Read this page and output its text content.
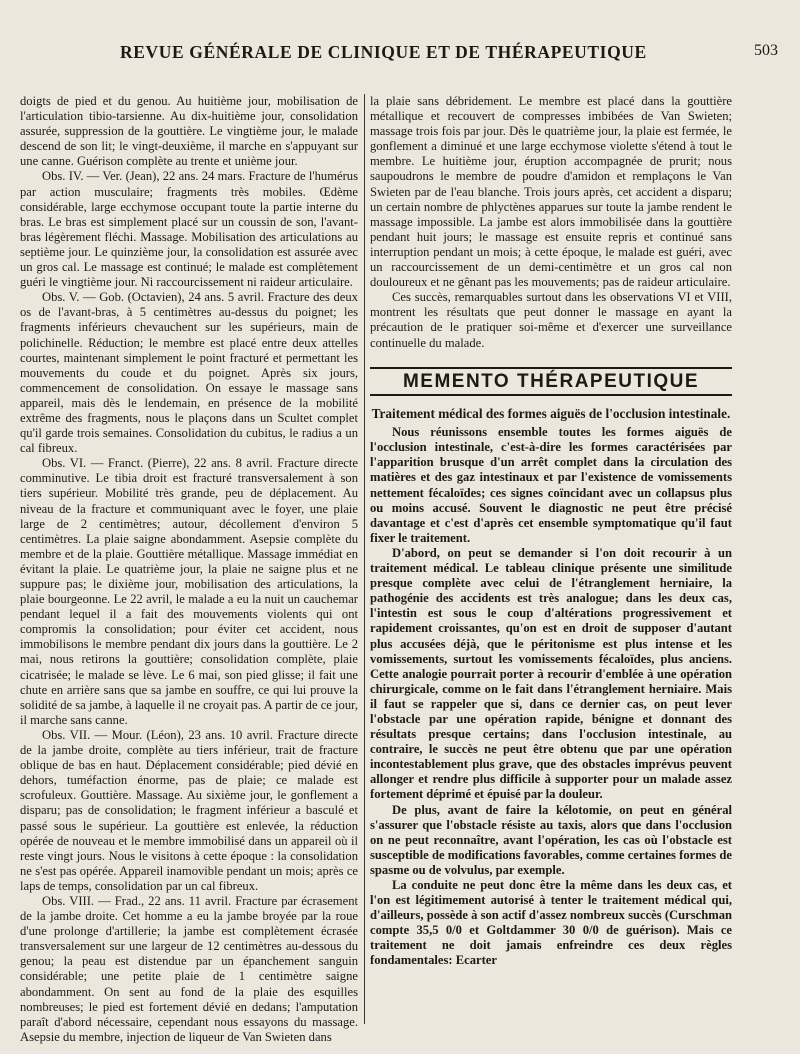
REVUE GÉNÉRALE DE CLINIQUE ET DE THÉRAPEUTIQUE	503

doigts de pied et du genou. Au huitième jour, mobilisation de l'articulation tibio-tarsienne. Au dix-huitième jour, consolidation assurée, suppression de la gouttière. Le vingtième jour, le malade descend de son lit; le vingt-deuxième, il marche en s'appuyant sur une canne. Guérison complète au trente et unième jour.

Obs. IV. — Ver. (Jean), 22 ans. 24 mars. Fracture de l'humérus par action musculaire; fragments très mobiles. Œdème considérable, large ecchymose occupant toute la partie interne du bras. Le bras est simplement placé sur un coussin de son, l'avant-bras légèrement fléchi. Massage. Mobilisation des articulations au septième jour. Le quinzième jour, la consolidation est assurée avec un gros cal. Le massage est continué; le malade est complètement guéri le vingtième jour. Ni raccourcissement ni raideur articulaire.

Obs. V. — Gob. (Octavien), 24 ans. 5 avril. Fracture des deux os de l'avant-bras, à 5 centimètres au-dessus du poignet; les fragments inférieurs chevauchent sur les supérieurs, main de polichinelle. Réduction; le membre est placé entre deux attelles courtes, maintenant simplement le point fracturé et permettant les mouvements du coude et du poignet. Après six jours, commencement de consolidation. On essaye le massage sans appareil, mais dès le lendemain, en présence de la mobilité extrême des fragments, nous le plaçons dans un Scultet complet qu'il garde trois semaines. Consolidation du cubitus, le radius a un cal fibreux.

Obs. VI. — Franct. (Pierre), 22 ans. 8 avril. Fracture directe comminutive. Le tibia droit est fracturé transversalement à son tiers supérieur. Mobilité très grande, peu de déplacement. Au niveau de la fracture et communiquant avec le foyer, une plaie large de 2 centimètres; autour, décollement d'environ 5 centimètres. La plaie saigne abondamment. Asepsie complète du membre et de la plaie. Gouttière métallique. Massage immédiat en évitant la plaie. Le quatrième jour, la plaie ne saigne plus et ne suppure pas; le dixième jour, mobilisation des articulations, la plaie bourgeonne. Le 22 avril, le malade a eu la nuit un cauchemar pendant lequel il a fait des mouvements violents qui ont compromis la consolidation; pour éviter cet accident, nous immobilisons le membre pendant dix jours dans la gouttière. Le 2 mai, nous retirons la gouttière; consolidation complète, plaie cicatrisée; le malade se lève. Le 6 mai, son pied glisse; il fait une chute en arrière sans que sa jambe en souffre, ce qui lui prouve la solidité de sa jambe, à laquelle il ne croyait pas. A partir de ce jour, il marche sans canne.

Obs. VII. — Mour. (Léon), 23 ans. 10 avril. Fracture directe de la jambe droite, complète au tiers inférieur, trait de fracture oblique de bas en haut. Déplacement considérable; pied dévié en dehors, tuméfaction énorme, pas de plaie; ce malade est scrofuleux. Gouttière. Massage. Au sixième jour, le gonflement a disparu; pas de consolidation; le fragment inférieur a basculé et passé sous le supérieur. La gouttière est enlevée, la réduction opérée de nouveau et le membre immobilisé dans un appareil où il reste vingt jours. Nous le visitons à cette époque : la consolidation ne s'est pas opérée. Appareil inamovible pendant un mois; après ce laps de temps, consolidation par un cal fibreux.

Obs. VIII. — Frad., 22 ans. 11 avril. Fracture par écrasement de la jambe droite. Cet homme a eu la jambe broyée par la roue d'une prolonge d'artillerie; la jambe est complètement écrasée transversalement sur une largeur de 12 centimètres au-dessous du genou; la peau est distendue par un épanchement sanguin considérable; une petite plaie de 1 centimètre saigne abondamment. On sent au fond de la plaie des esquilles nombreuses; le pied est fortement dévié en dedans; l'amputation paraît d'abord nécessaire, cependant nous essayons du massage. Asepsie du membre, injection de liqueur de Van Swieten dans

la plaie sans débridement. Le membre est placé dans la gouttière métallique et recouvert de compresses imbibées de Van Swieten; massage trois fois par jour. Dès le quatrième jour, la plaie est fermée, le gonflement a diminué et une large ecchymose violette s'étend à tout le membre. Le huitième jour, éruption accompagnée de prurit; nous saupoudrons le membre de poudre d'amidon et remplaçons le Van Swieten par de l'eau blanche. Trois jours après, cet accident a disparu; un certain nombre de phlyctènes apparues sur toute la jambe rendent le massage impossible. La jambe est alors immobilisée dans la gouttière pendant huit jours; le massage est ensuite repris et continué sans interruption pendant un mois; à cette époque, le malade est guéri, avec un raccourcissement de un demi-centimètre et un gros cal non douloureux et ne gênant pas les mouvements; pas de raideur articulaire.

Ces succès, remarquables surtout dans les observations VI et VIII, montrent les résultats que peut donner le massage en ayant la précaution de le pratiquer soi-même et d'exercer une surveillance continuelle du malade.

MEMENTO THÉRAPEUTIQUE
Traitement médical des formes aiguës de l'occlusion intestinale.

Nous réunissons ensemble toutes les formes aiguës de l'occlusion intestinale, c'est-à-dire les formes caractérisées par l'apparition brusque d'un arrêt complet dans la circulation des matières et des gaz intestinaux et par l'existence de vomissements nettement fécaloïdes; ces signes coïncidant avec un collapsus plus ou moins accusé. Souvent le diagnostic ne peut être précisé davantage et c'est d'après cet ensemble symptomatique qu'il faut fixer le traitement.

D'abord, on peut se demander si l'on doit recourir à un traitement médical. Le tableau clinique présente une similitude presque complète avec celui de l'étranglement herniaire, la pathogénie des accidents est très analogue; dans les deux cas, l'intestin est sous le coup d'altérations progressivement et rapidement croissantes, qu'on est en droit de supposer d'autant plus accusées déjà, que le péritonisme est plus intense et les vomissements, surtout les vomissements fécaloïdes, plus anciens. Cette analogie pourrait porter à recourir d'emblée à une opération chirurgicale, comme on le fait dans l'étranglement herniaire. Mais il faut se rappeler que si, dans ce dernier cas, on peut lever l'obstacle par une opération rapide, bénigne et donnant des résultats presque certains; dans l'occlusion intestinale, au contraire, le succès ne peut être obtenu que par une opération incontestablement plus grave, que des obstacles imprévus peuvent allonger et rendre plus difficile à supporter pour un malade assez fortement déprimé et épuisé par la douleur.

De plus, avant de faire la kélotomie, on peut en général s'assurer que l'obstacle résiste au taxis, alors que dans l'occlusion on ne peut reconnaître, avant l'opération, les cas où l'obstacle est susceptible de modifications favorables, comme certaines formes de spasme ou de volvulus, par exemple.

La conduite ne peut donc être la même dans les deux cas, et l'on est légitimement autorisé à tenter le traitement médical qui, d'ailleurs, possède à son actif d'assez nombreux succès (Curschman compte 35,5 0/0 et Goltdammer 30 0/0 de guérison). Mais ce traitement ne doit jamais enfreindre ces deux règles fondamentales: Ecarter
